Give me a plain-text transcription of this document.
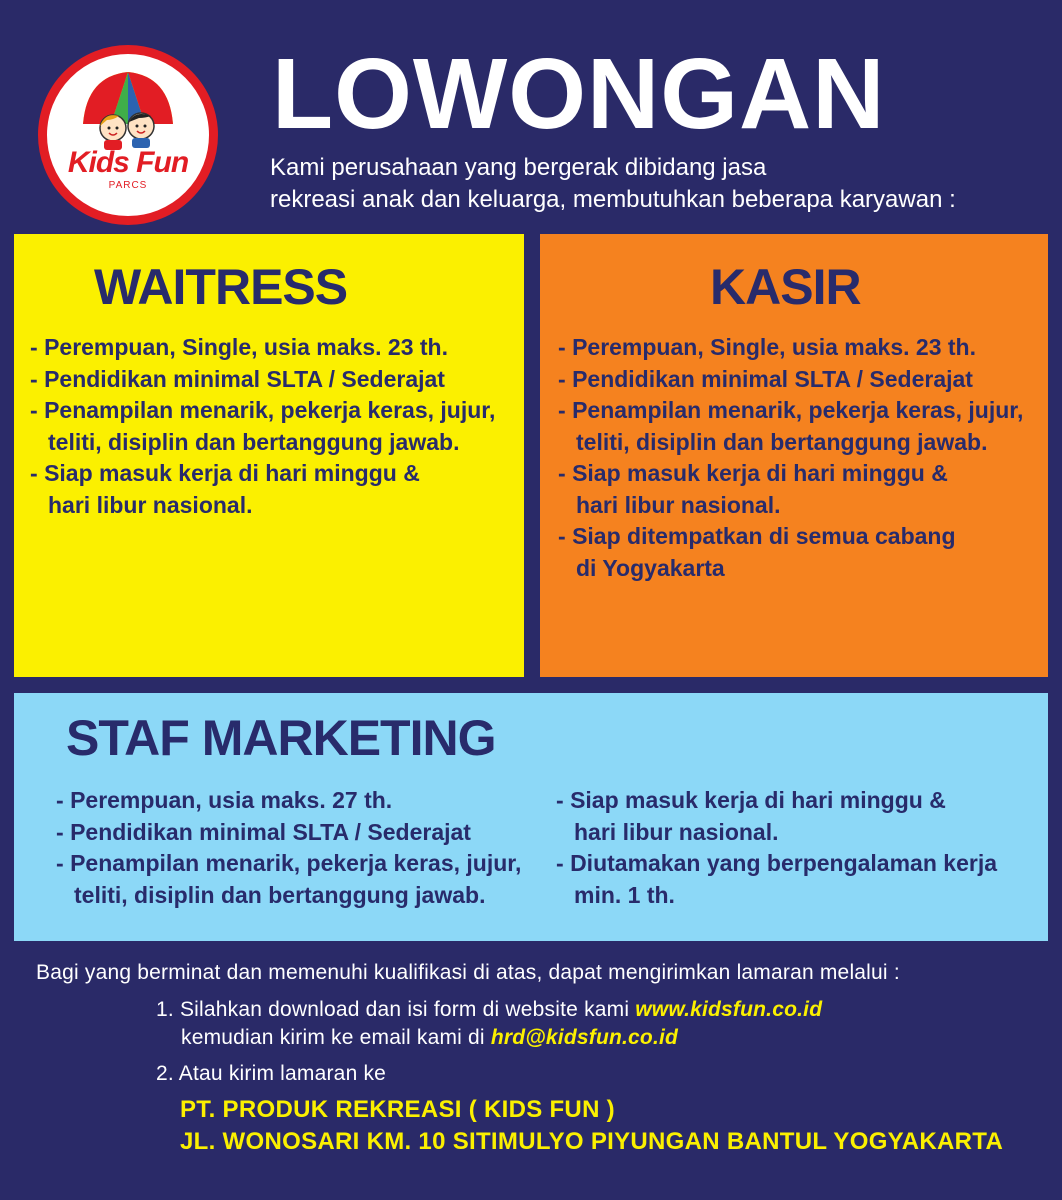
Kids Fun
PARCS
LOWONGAN
Kami perusahaan yang bergerak dibidang jasa
rekreasi anak dan keluarga, membutuhkan beberapa karyawan :
WAITRESS
- Perempuan, Single, usia maks. 23 th.
- Pendidikan minimal SLTA / Sederajat
- Penampilan menarik, pekerja keras, jujur,
teliti, disiplin dan bertanggung jawab.
- Siap masuk kerja di hari minggu &
hari libur nasional.
KASIR
- Perempuan, Single, usia maks. 23 th.
- Pendidikan minimal SLTA / Sederajat
- Penampilan menarik, pekerja keras, jujur,
teliti, disiplin dan bertanggung jawab.
- Siap masuk kerja di hari minggu &
hari libur nasional.
- Siap ditempatkan di semua cabang
di Yogyakarta
STAF MARKETING
- Perempuan, usia maks. 27 th.
- Pendidikan minimal SLTA / Sederajat
- Penampilan menarik, pekerja keras, jujur,
teliti, disiplin dan bertanggung jawab.
- Siap masuk kerja di hari minggu &
hari libur nasional.
- Diutamakan yang berpengalaman kerja
min. 1 th.
Bagi yang berminat dan memenuhi kualifikasi di atas, dapat mengirimkan lamaran melalui :
1. Silahkan download dan isi form di website kami www.kidsfun.co.id
kemudian kirim ke email kami di hrd@kidsfun.co.id
2. Atau kirim lamaran ke
PT. PRODUK REKREASI ( KIDS FUN )
JL. WONOSARI KM. 10 SITIMULYO PIYUNGAN BANTUL YOGYAKARTA
